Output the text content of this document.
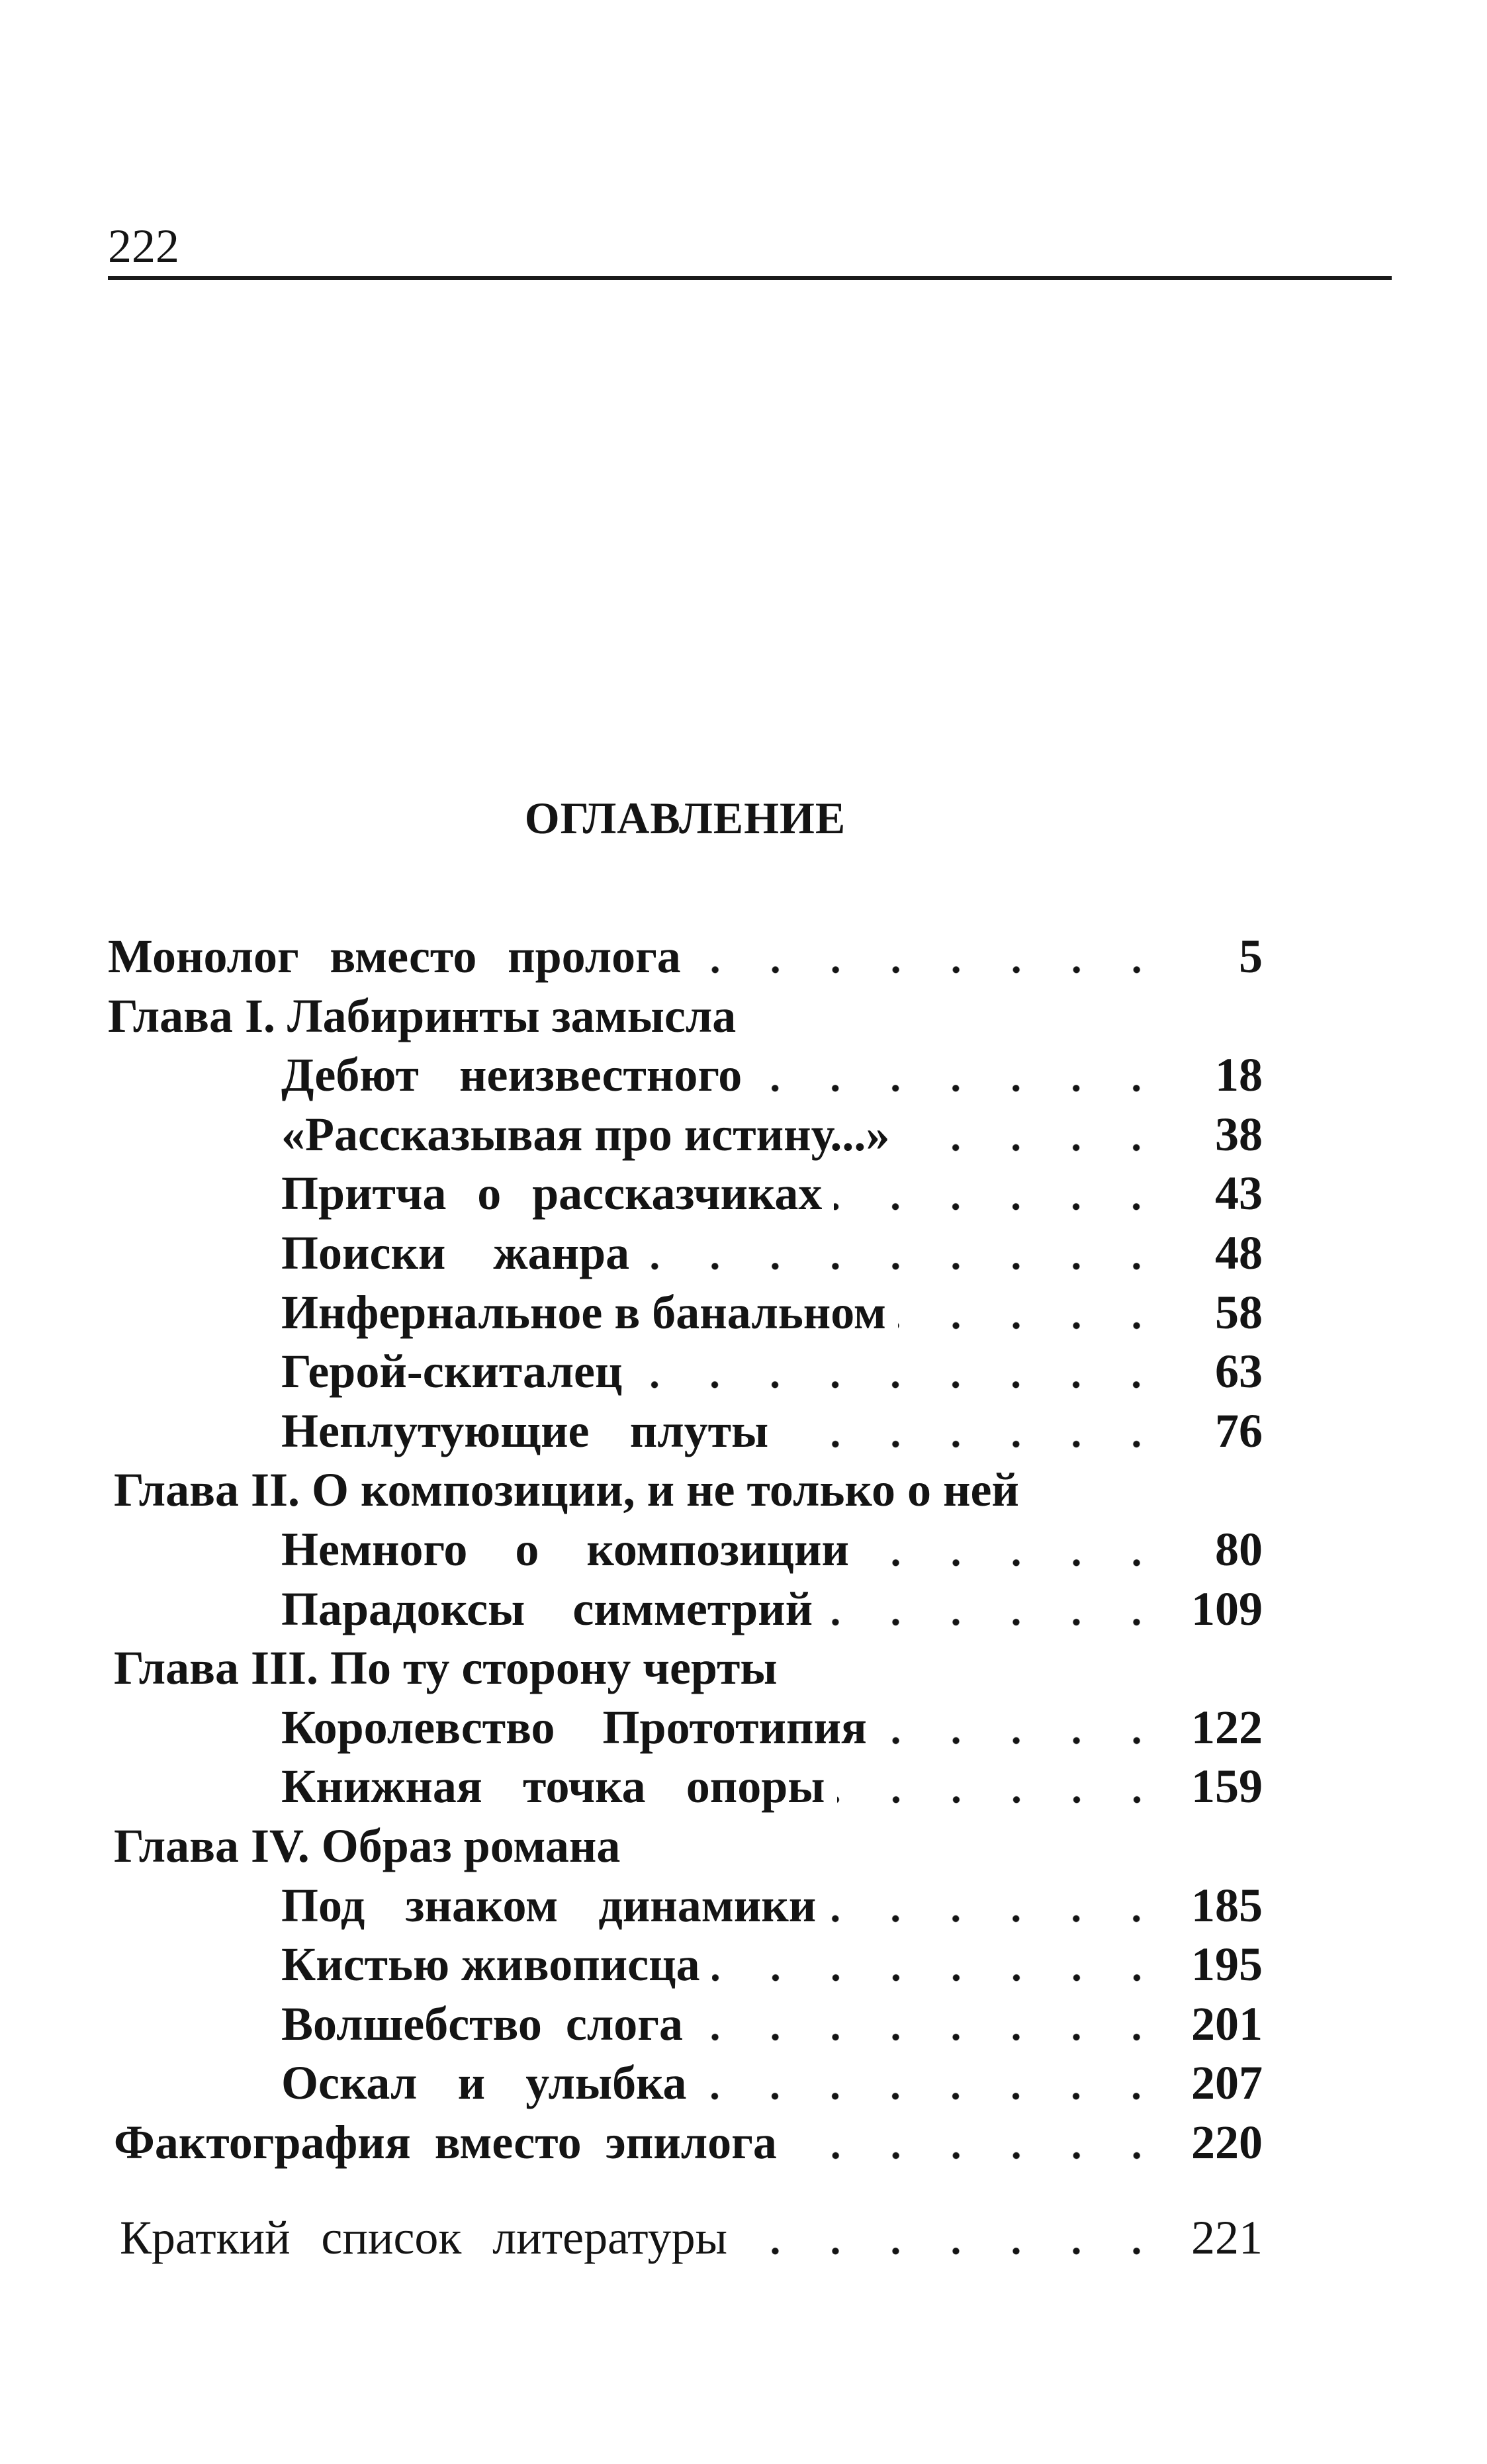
222
ОГЛАВЛЕНИЕ
Монолог вместо пролога	5
Глава I. Лабиринты замысла
Дебют неизвестного	18
«Рассказывая про истину...»	38
Притча о рассказчиках	43
Поиски жанра	48
Инфернальное в банальном	58
Герой-скиталец	63
Неплутующие плуты	76
Глава II. О композиции, и не только о ней
Немного о композиции	80
Парадоксы симметрий	109
Глава III. По ту сторону черты
Королевство Прототипия	122
Книжная точка опоры	159
Глава IV. Образ романа
Под знаком динамики	185
Кистью живописца	195
Волшебство слога	201
Оскал и улыбка	207
Фактография вместо эпилога	220
Краткий список литературы	221
